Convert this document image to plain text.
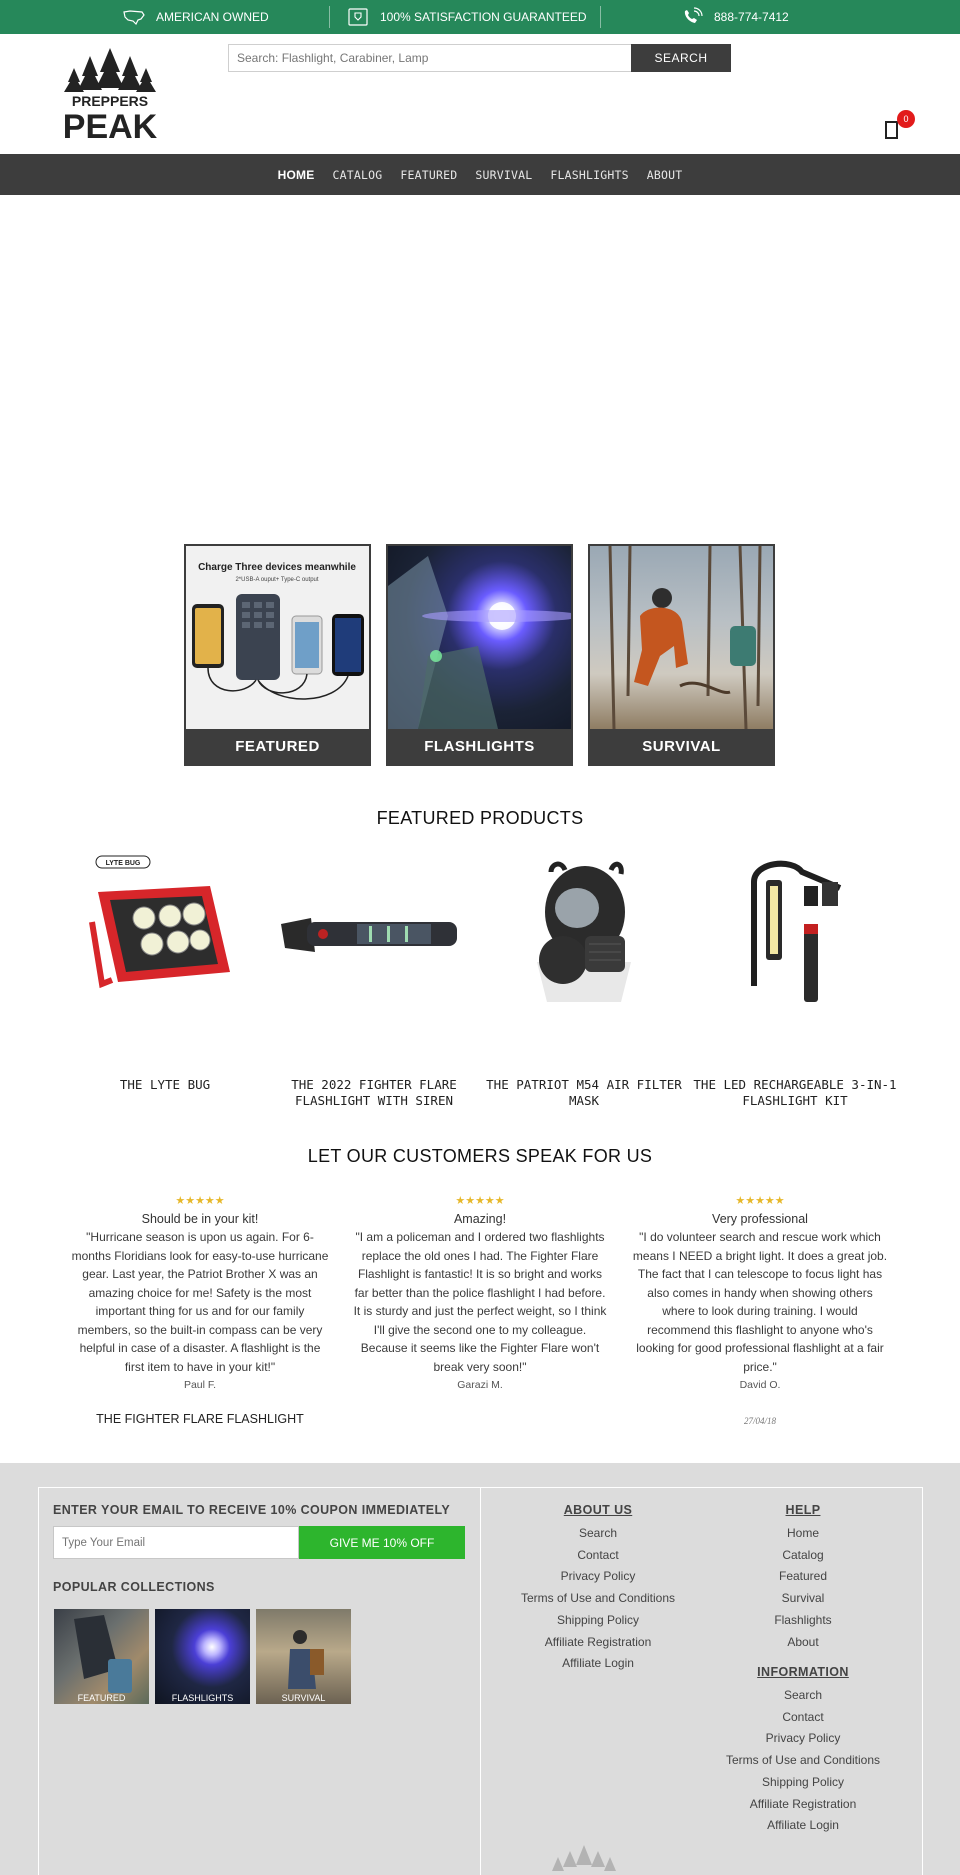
AMERICAN OWNED	100% SATISFACTION GUARANTEED	888-774-7412
PREPPERS
PEAK
Search: Flashlight, Carabiner, Lamp
SEARCH
0
HOME CATALOG FEATURED SURVIVAL FLASHLIGHTS ABOUT
Charge Three devices meanwhile
2*USB-A ouput+ Type-C output
FEATURED	FLASHLIGHTS	SURVIVAL
FEATURED PRODUCTS
LYTE BUG
THE LYTE BUG	THE 2022 FIGHTER FLARE FLASHLIGHT WITH SIREN
THE PATRIOT M54 AIR FILTER MASK
THE LED RECHARGEABLE 3-IN-1 FLASHLIGHT KIT
LET OUR CUSTOMERS SPEAK FOR US
★★★★★
Should be in your kit!
"Hurricane season is upon us again. For 6-months Floridians look for easy-to-use hurricane gear. Last year, the Patriot Brother X was an amazing choice for me! Safety is the most important thing for us and for our family members, so the built-in compass can be very helpful in case of a disaster. A flashlight is the first item to have in your kit!"
Paul F.
THE FIGHTER FLARE FLASHLIGHT
★★★★★
Amazing!
"I am a policeman and I ordered two flashlights replace the old ones I had. The Fighter Flare Flashlight is fantastic! It is so bright and works far better than the police flashlight I had before. It is sturdy and just the perfect weight, so I think I'll give the second one to my colleague. Because it seems like the Fighter Flare won't break very soon!"
Garazi M.
★★★★★
Very professional
"I do volunteer search and rescue work which means I NEED a bright light. It does a great job. The fact that I can telescope to focus light has also comes in handy when showing others where to look during training. I would recommend this flashlight to anyone who's looking for good professional flashlight at a fair price."
David O.
27/04/18
ENTER YOUR EMAIL TO RECEIVE 10% COUPON IMMEDIATELY
Type Your Email
GIVE ME 10% OFF
POPULAR COLLECTIONS
ABOUT US
Search
Contact
Privacy Policy
Terms of Use and Conditions
Shipping Policy
Affiliate Registration
Affiliate Login
HELP
Home
Catalog
Featured
Survival
Flashlights
About
INFORMATION
Search
Contact
Privacy Policy
Terms of Use and Conditions
Shipping Policy
Affiliate Registration
Affiliate Login
FEATURED	FLASHLIGHTS	SURVIVAL
